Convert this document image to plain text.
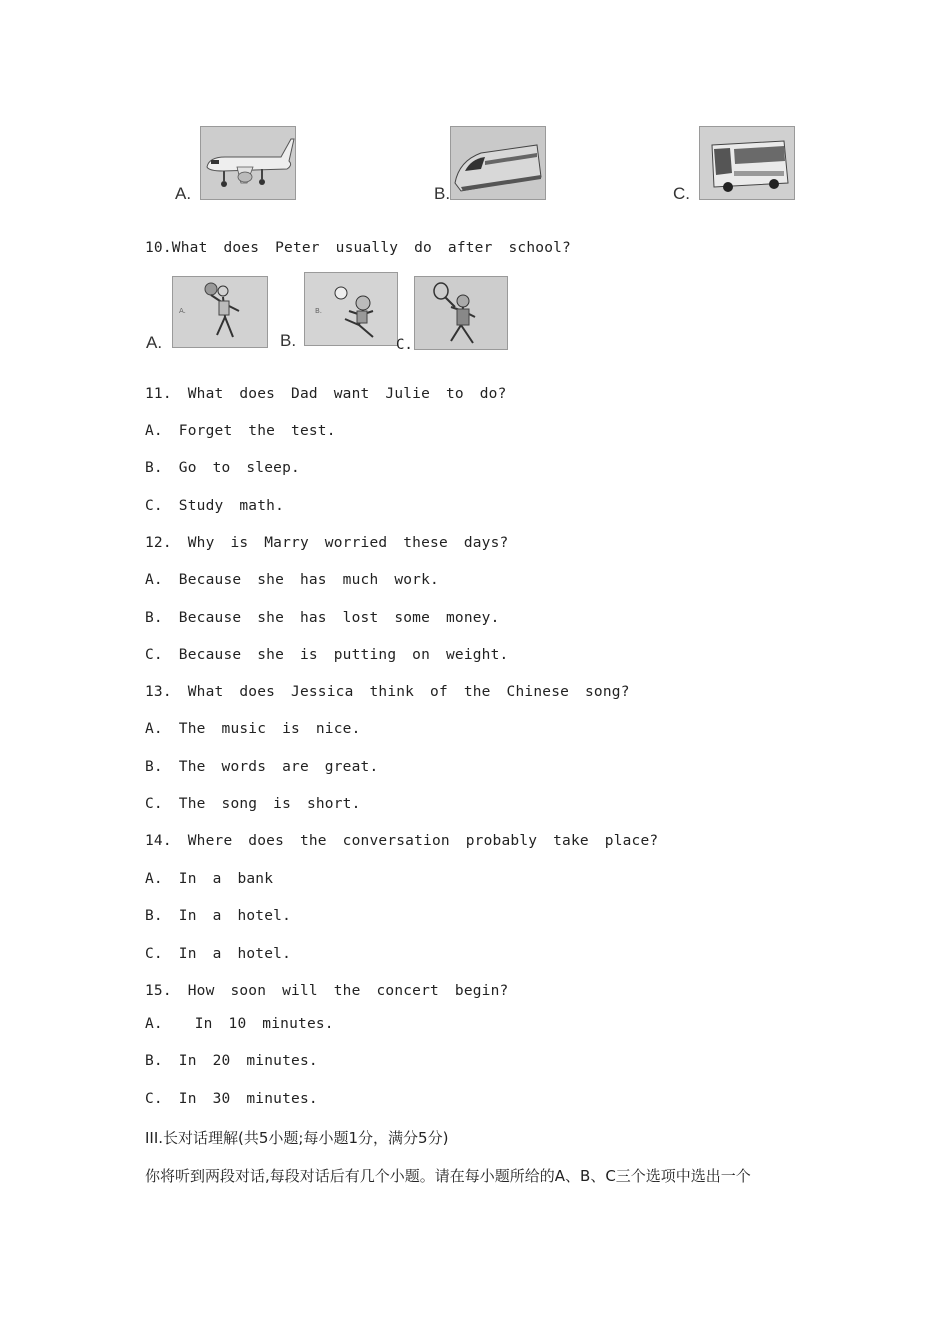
A.	B.	C.
10.What does Peter usually do after school?
A.
A.
B.
B.
C.
11. What does Dad want Julie to do?
A. Forget the test.
B. Go to sleep.
C. Study math.
12. Why is Marry worried these days?
A. Because she has much work.
B. Because she has lost some money.
C. Because she is putting on weight.
13. What does Jessica think of the Chinese song?
A. The music is nice.
B. The words are great.
C. The song is short.
14. Where does the conversation probably take place?
A. In a bank
B. In a hotel.
C. In a hotel.
15. How soon will the concert begin?
A.  In 10 minutes.
B. In 20 minutes.
C. In 30 minutes.
III.长对话理解(共5小题;每小题1分，满分5分)
你将听到两段对话,每段对话后有几个小题。请在每小题所给的A、B、C三个选项中选出一个
